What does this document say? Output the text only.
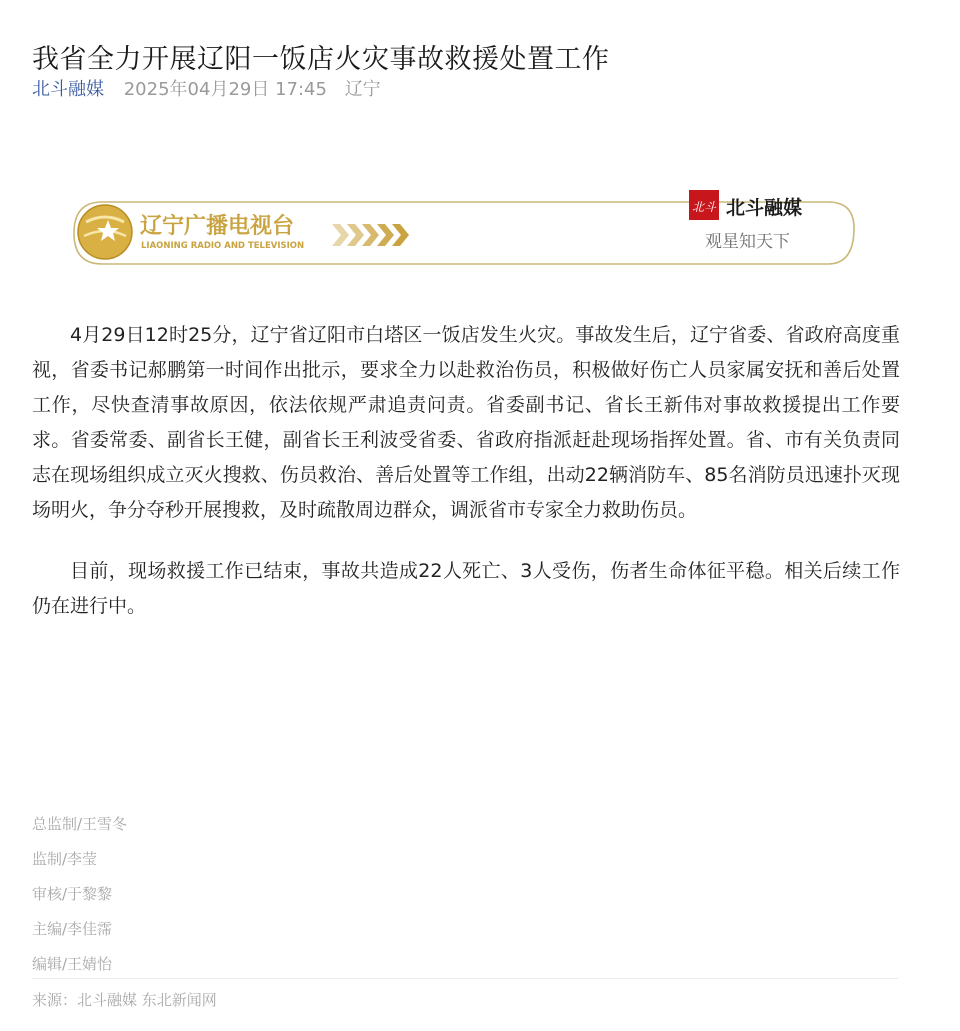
我省全力开展辽阳一饭店火灾事故救援处置工作
北斗融媒 2025年04月29日 17:45 辽宁
辽宁广播电视台
LIAONING RADIO AND TELEVISION
北斗 北斗融媒
观星知天下

4月29日12时25分，辽宁省辽阳市白塔区一饭店发生火灾。事故发生后，辽宁省委、省政府高度重视，省委书记郝鹏第一时间作出批示，要求全力以赴救治伤员，积极做好伤亡人员家属安抚和善后处置工作，尽快查清事故原因，依法依规严肃追责问责。省委副书记、省长王新伟对事故救援提出工作要求。省委常委、副省长王健，副省长王利波受省委、省政府指派赶赴现场指挥处置。省、市有关负责同志在现场组织成立灭火搜救、伤员救治、善后处置等工作组，出动22辆消防车、85名消防员迅速扑灭现场明火，争分夺秒开展搜救，及时疏散周边群众，调派省市专家全力救助伤员。

目前，现场救援工作已结束，事故共造成22人死亡、3人受伤，伤者生命体征平稳。相关后续工作仍在进行中。

总监制/王雪冬
监制/李莹
审核/于黎黎
主编/李佳霈
编辑/王婧怡
来源：北斗融媒 东北新闻网
